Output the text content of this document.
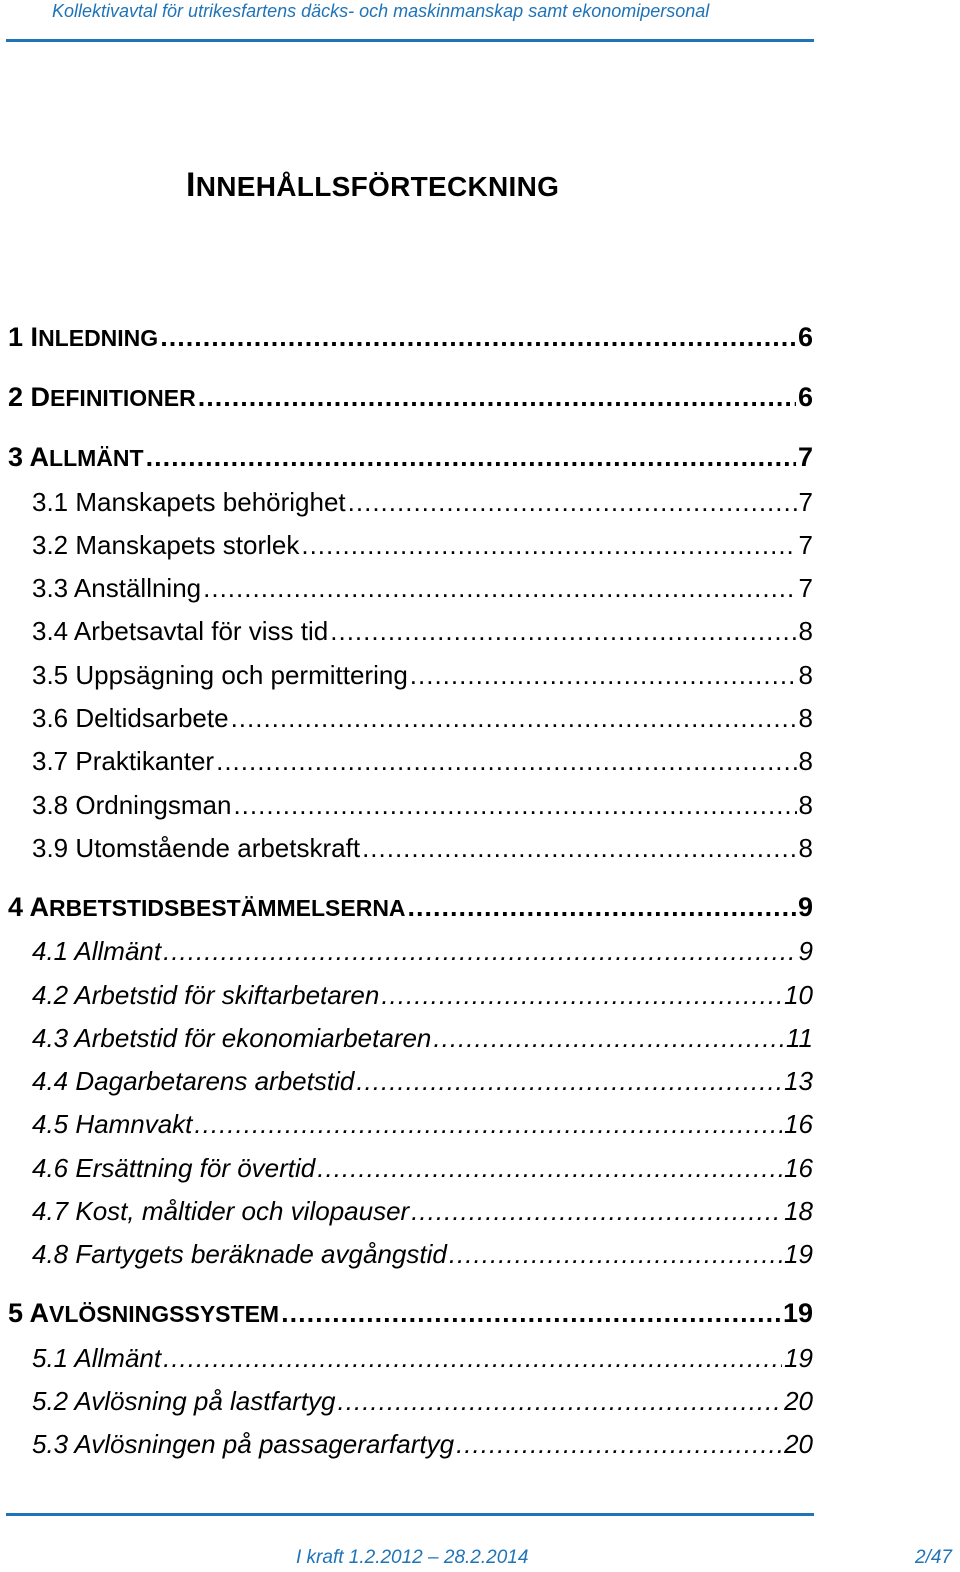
Kollektivavtal för utrikesfartens däcks- och maskinmanskap samt ekonomipersonal
INNEHÅLLSFÖRTECKNING
1 INLEDNING .....	6
2 DEFINITIONER .....	6
3 ALLMÄNT .....	7
3.1 Manskapets behörighet .....	7
3.2 Manskapets storlek .....	7
3.3 Anställning .....	7
3.4 Arbetsavtal för viss tid .....	8
3.5 Uppsägning och permittering .....	8
3.6 Deltidsarbete .....	8
3.7 Praktikanter .....	8
3.8 Ordningsman .....	8
3.9 Utomstående arbetskraft .....	8
4 ARBETSTIDSBESTÄMMELSERNA .....	9
4.1 Allmänt .....	9
4.2 Arbetstid för skiftarbetaren .....	10
4.3 Arbetstid för ekonomiarbetaren .....	11
4.4 Dagarbetarens arbetstid .....	13
4.5 Hamnvakt .....	16
4.6 Ersättning för övertid .....	16
4.7 Kost, måltider och vilopauser .....	18
4.8 Fartygets beräknade avgångstid .....	19
5 AVLÖSNINGSSYSTEM .....	19
5.1 Allmänt .....	19
5.2 Avlösning på lastfartyg .....	20
5.3 Avlösningen på passagerarfartyg .....	20
I kraft 1.2.2012 – 28.2.2014	2/47
